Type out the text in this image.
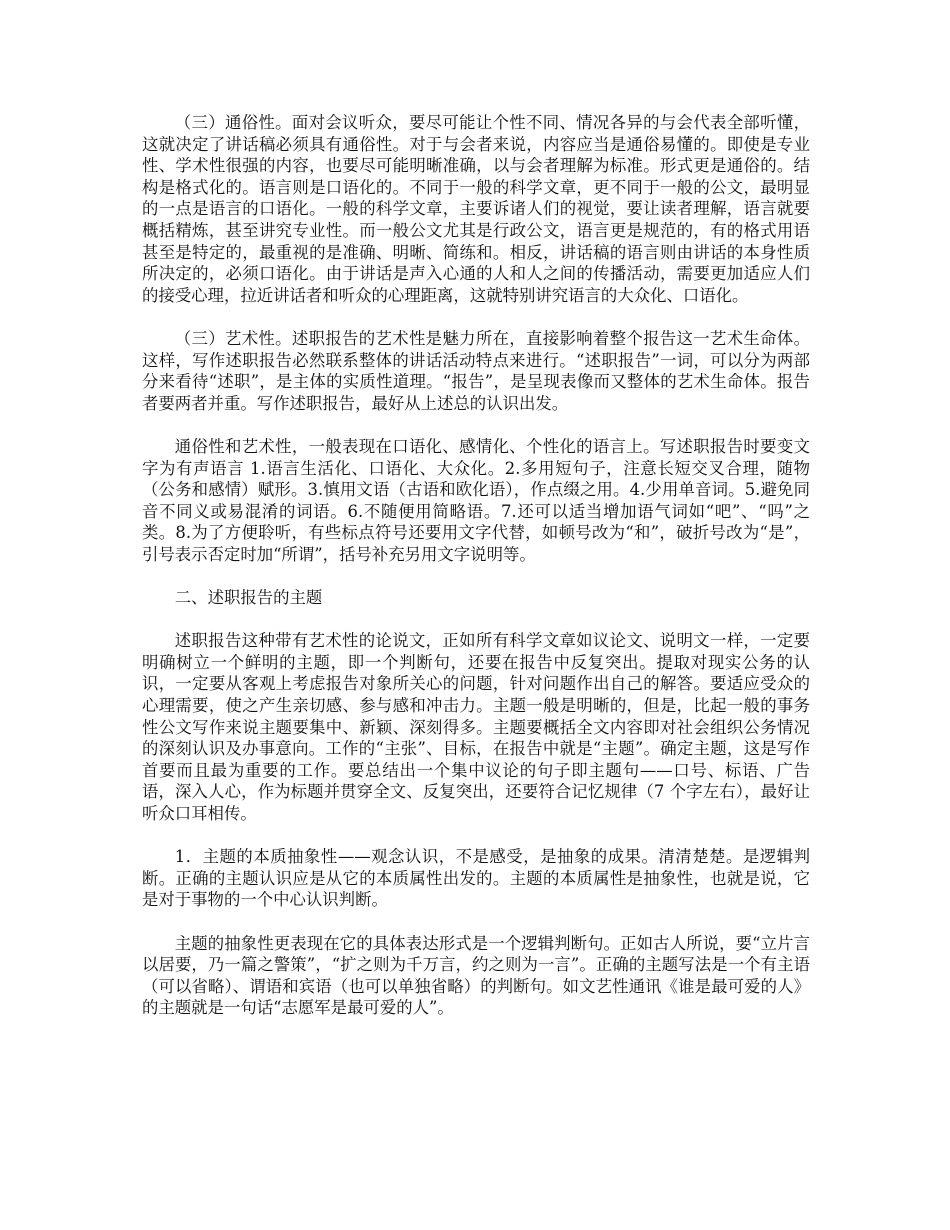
（三）通俗性。面对会议听众，要尽可能让个性不同、情况各异的与会代表全部听懂，这就决定了讲话稿必须具有通俗性。对于与会者来说，内容应当是通俗易懂的。即使是专业性、学术性很强的内容，也要尽可能明晰准确，以与会者理解为标准。形式更是通俗的。结构是格式化的。语言则是口语化的。不同于一般的科学文章，更不同于一般的公文，最明显的一点是语言的口语化。一般的科学文章，主要诉诸人们的视觉，要让读者理解，语言就要概括精炼，甚至讲究专业性。而一般公文尤其是行政公文，语言更是规范的，有的格式用语甚至是特定的，最重视的是准确、明晰、简练和。相反，讲话稿的语言则由讲话的本身性质所决定的，必须口语化。由于讲话是声入心通的人和人之间的传播活动，需要更加适应人们的接受心理，拉近讲话者和听众的心理距离，这就特别讲究语言的大众化、口语化。

（三）艺术性。述职报告的艺术性是魅力所在，直接影响着整个报告这一艺术生命体。这样，写作述职报告必然联系整体的讲话活动特点来进行。“述职报告”一词，可以分为两部分来看待“述职”，是主体的实质性道理。“报告”，是呈现表像而又整体的艺术生命体。报告者要两者并重。写作述职报告，最好从上述总的认识出发。

通俗性和艺术性，一般表现在口语化、感情化、个性化的语言上。写述职报告时要变文字为有声语言 1.语言生活化、口语化、大众化。2.多用短句子，注意长短交叉合理，随物（公务和感情）赋形。3.慎用文语（古语和欧化语），作点缀之用。4.少用单音词。5.避免同音不同义或易混淆的词语。6.不随便用简略语。7.还可以适当增加语气词如“吧”、“吗”之类。8.为了方便聆听，有些标点符号还要用文字代替，如顿号改为“和”，破折号改为“是”，引号表示否定时加“所谓”，括号补充另用文字说明等。

二、述职报告的主题

述职报告这种带有艺术性的论说文，正如所有科学文章如议论文、说明文一样，一定要明确树立一个鲜明的主题，即一个判断句，还要在报告中反复突出。提取对现实公务的认识，一定要从客观上考虑报告对象所关心的问题，针对问题作出自己的解答。要适应受众的心理需要，使之产生亲切感、参与感和冲击力。主题一般是明晰的，但是，比起一般的事务性公文写作来说主题要集中、新颖、深刻得多。主题要概括全文内容即对社会组织公务情况的深刻认识及办事意向。工作的“主张”、目标，在报告中就是“主题”。确定主题，这是写作首要而且最为重要的工作。要总结出一个集中议论的句子即主题句——口号、标语、广告语，深入人心，作为标题并贯穿全文、反复突出，还要符合记忆规律（7 个字左右），最好让听众口耳相传。

1．主题的本质抽象性——观念认识，不是感受，是抽象的成果。清清楚楚。是逻辑判断。正确的主题认识应是从它的本质属性出发的。主题的本质属性是抽象性，也就是说，它是对于事物的一个中心认识判断。

主题的抽象性更表现在它的具体表达形式是一个逻辑判断句。正如古人所说，要“立片言以居要，乃一篇之警策”，“扩之则为千万言，约之则为一言”。正确的主题写法是一个有主语（可以省略）、谓语和宾语（也可以单独省略）的判断句。如文艺性通讯《谁是最可爱的人》的主题就是一句话“志愿军是最可爱的人”。
